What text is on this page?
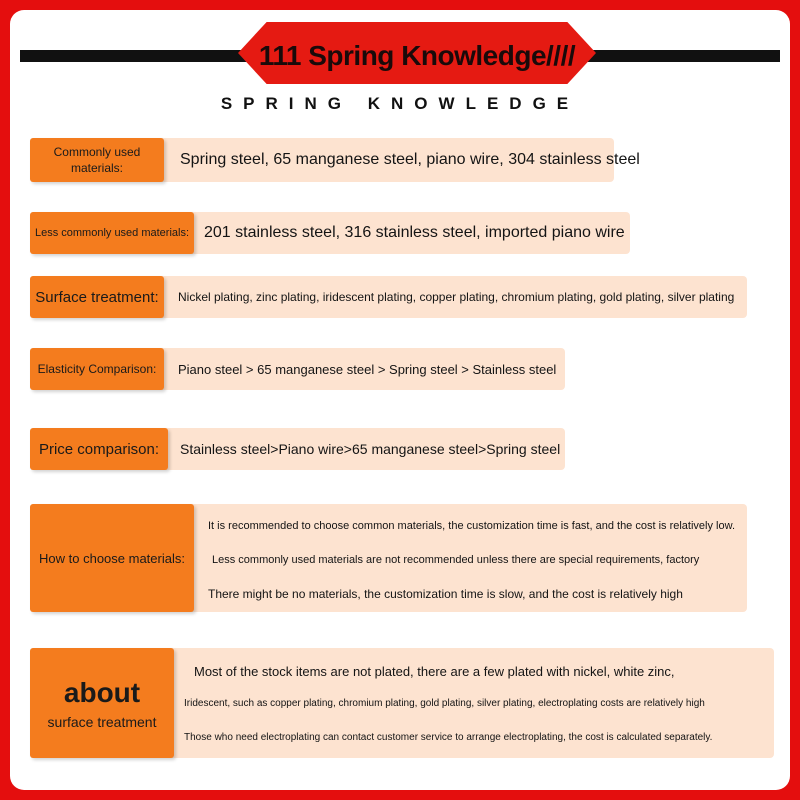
111 Spring Knowledge////
SPRING KNOWLEDGE
Commonly used materials:	Spring steel, 65 manganese steel, piano wire, 304 stainless steel
Less commonly used materials: 201 stainless steel, 316 stainless steel, imported piano wire
Surface treatment:	Nickel plating, zinc plating, iridescent plating, copper plating, chromium plating, gold plating, silver plating
Elasticity Comparison:	Piano steel > 65 manganese steel > Spring steel > Stainless steel
Price comparison:	Stainless steel>Piano wire>65 manganese steel>Spring steel
How to choose materials:
It is recommended to choose common materials, the customization time is fast, and the cost is relatively low.
Less commonly used materials are not recommended unless there are special requirements, factory
There might be no materials, the customization time is slow, and the cost is relatively high
about
surface treatment
Most of the stock items are not plated, there are a few plated with nickel, white zinc,
Iridescent, such as copper plating, chromium plating, gold plating, silver plating, electroplating costs are relatively high
Those who need electroplating can contact customer service to arrange electroplating, the cost is calculated separately.
